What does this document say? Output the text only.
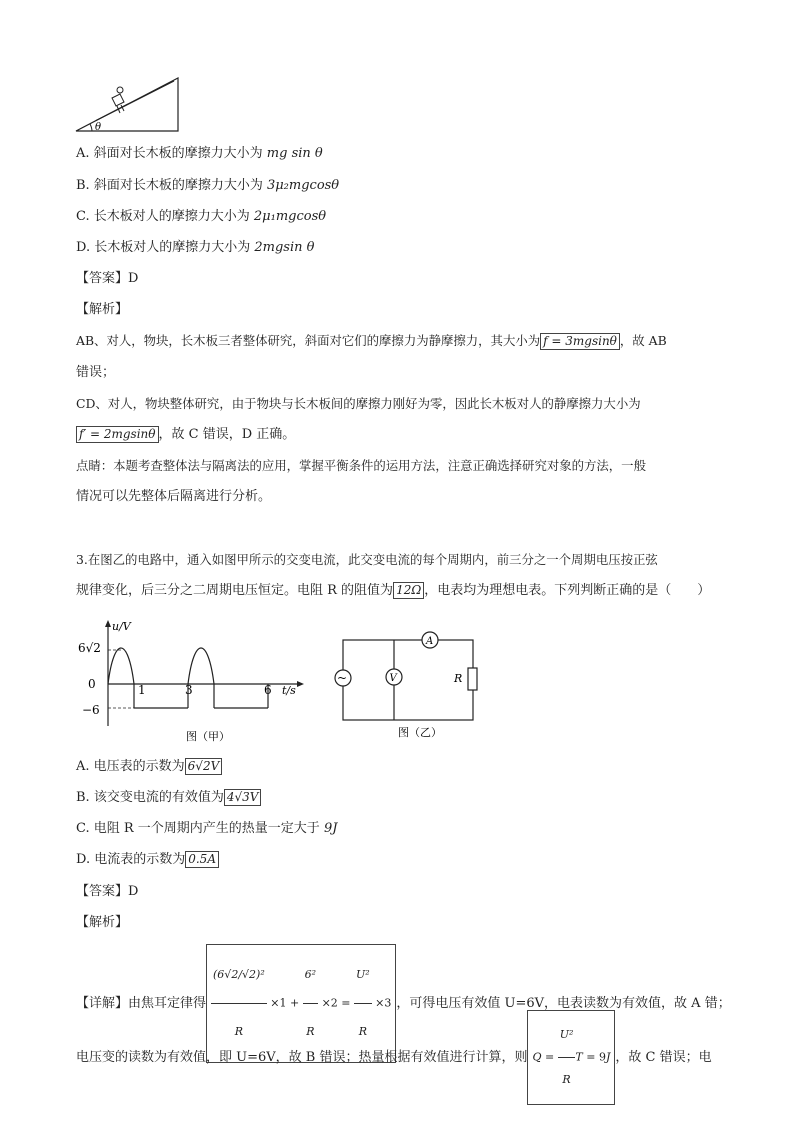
θ
A. 斜面对长木板的摩擦力大小为 mg sin θ
B. 斜面对长木板的摩擦力大小为 3μ₂mgcosθ
C. 长木板对人的摩擦力大小为 2μ₁mgcosθ
D. 长木板对人的摩擦力大小为 2mgsin θ
【答案】D
【解析】
AB、对人，物块，长木板三者整体研究，斜面对它们的摩擦力为静摩擦力，其大小为 f = 3mgsinθ ，故 AB
错误；
CD、对人，物块整体研究，由于物块与长木板间的摩擦力刚好为零，因此长木板对人的静摩擦力大小为
f′ = 2mgsinθ ，故 C 错误，D 正确。
点睛：本题考查整体法与隔离法的应用，掌握平衡条件的运用方法，注意正确选择研究对象的方法，一般
情况可以先整体后隔离进行分析。
3.在图乙的电路中，通入如图甲所示的交变电流，此交变电流的每个周期内，前三分之一个周期电压按正弦
规律变化，后三分之二周期电压恒定。电阻 R 的阻值为 12Ω ，电表均为理想电表。下列判断正确的是（　　）
u/V
t/s
6√2
0
−6
1	3	6
图（甲）
~	V
A
R
图（乙）
A. 电压表的示数为 6√2V
B. 该交变电流的有效值为 4√3V
C. 电阻 R 一个周期内产生的热量一定大于 9J
D. 电流表的示数为 0.5A
【答案】D
【解析】
【详解】由焦耳定律得 $\frac{\text{(6√2/√2)²}}{R} \times 1 + \frac{\text{6²}}{R} \times 2 = \frac{\text{U²}}{R} \times 3$，可得电压有效值 U=6V，电表读数为有效值，故 A 错；
电压变的读数为有效值，即 U=6V，故 B 错误；热量根据有效值进行计算，则 $Q = \frac{\text{U²}}{R}$ T = 9J ，故 C 错误；电
